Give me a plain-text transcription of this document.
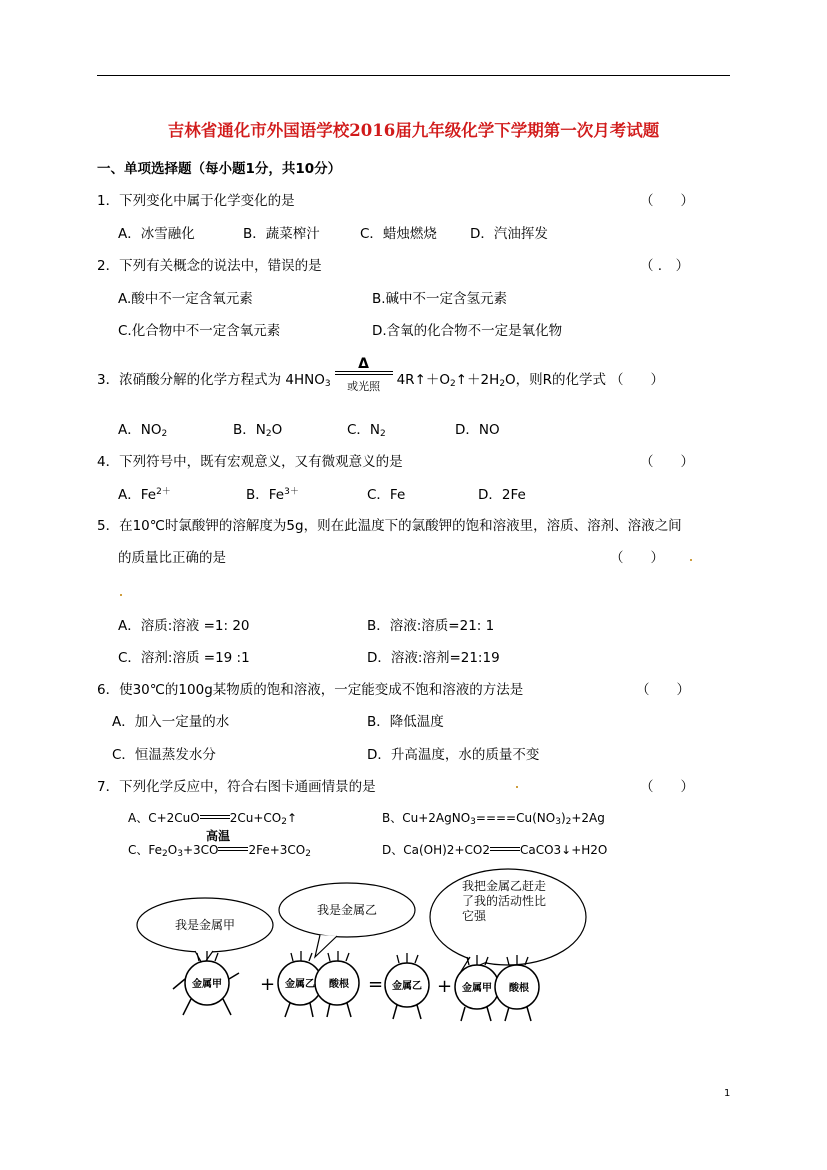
吉林省通化市外国语学校2016届九年级化学下学期第一次月考试题
一、单项选择题（每小题1分，共10分）
1．下列变化中属于化学变化的是	（　　）
A．冰雪融化	B．蔬菜榨汁	C．蜡烛燃烧 D．汽油挥发
2．下列有关概念的说法中，错误的是	（ .　）
A.酸中不一定含氧元素	B.碱中不一定含氢元素
C.化合物中不一定含氧元素	D.含氧的化合物不一定是氧化物
3．浓硝酸分解的化学方程式为 $4HNO_3 \frac{\Delta}{\text{或光照}}$ $4R↑+O_2↑+2H_2O$，则R的化学式 （　　）
A．$NO_2$	B．$N_2O$	C．$N_2$	D．NO
4．下列符号中，既有宏观意义，又有微观意义的是	（　　）
A．$Fe^{2+}$	B．$Fe^{3+}$	C．Fe	D．2Fe
5．在10℃时氯酸钾的溶解度为5g，则在此温度下的氯酸钾的饱和溶液里，溶质、溶剂、溶液之间
的质量比正确的是	（　　）
A．溶质:溶液 =1: 20	B．溶液:溶质=21: 1
C．溶剂:溶质 =19 :1	D．溶液:溶剂=21:19
6．使30℃的100g某物质的饱和溶液，一定能变成不饱和溶液的方法是	（　　）
A．加入一定量的水	B．降低温度
C．恒温蒸发水分	D．升高温度，水的质量不变
7．下列化学反应中，符合右图卡通画情景的是	（　　）
A、C+2CuO	$2Cu+CO_2↑$	B、$Cu+2AgNO_3====Cu(NO_3)_2+2Ag$
高温
C、$Fe_2O_3+3CO$	$2Fe+3CO_2$	D、Ca(OH)2+CO2	CaCO3↓+H2O
我是金属甲
我是金属乙
我把金属乙赶走
了我的活动性比
它强
金属甲 + 金属乙 酸根 = 金属乙 + 金属甲 酸根
1
